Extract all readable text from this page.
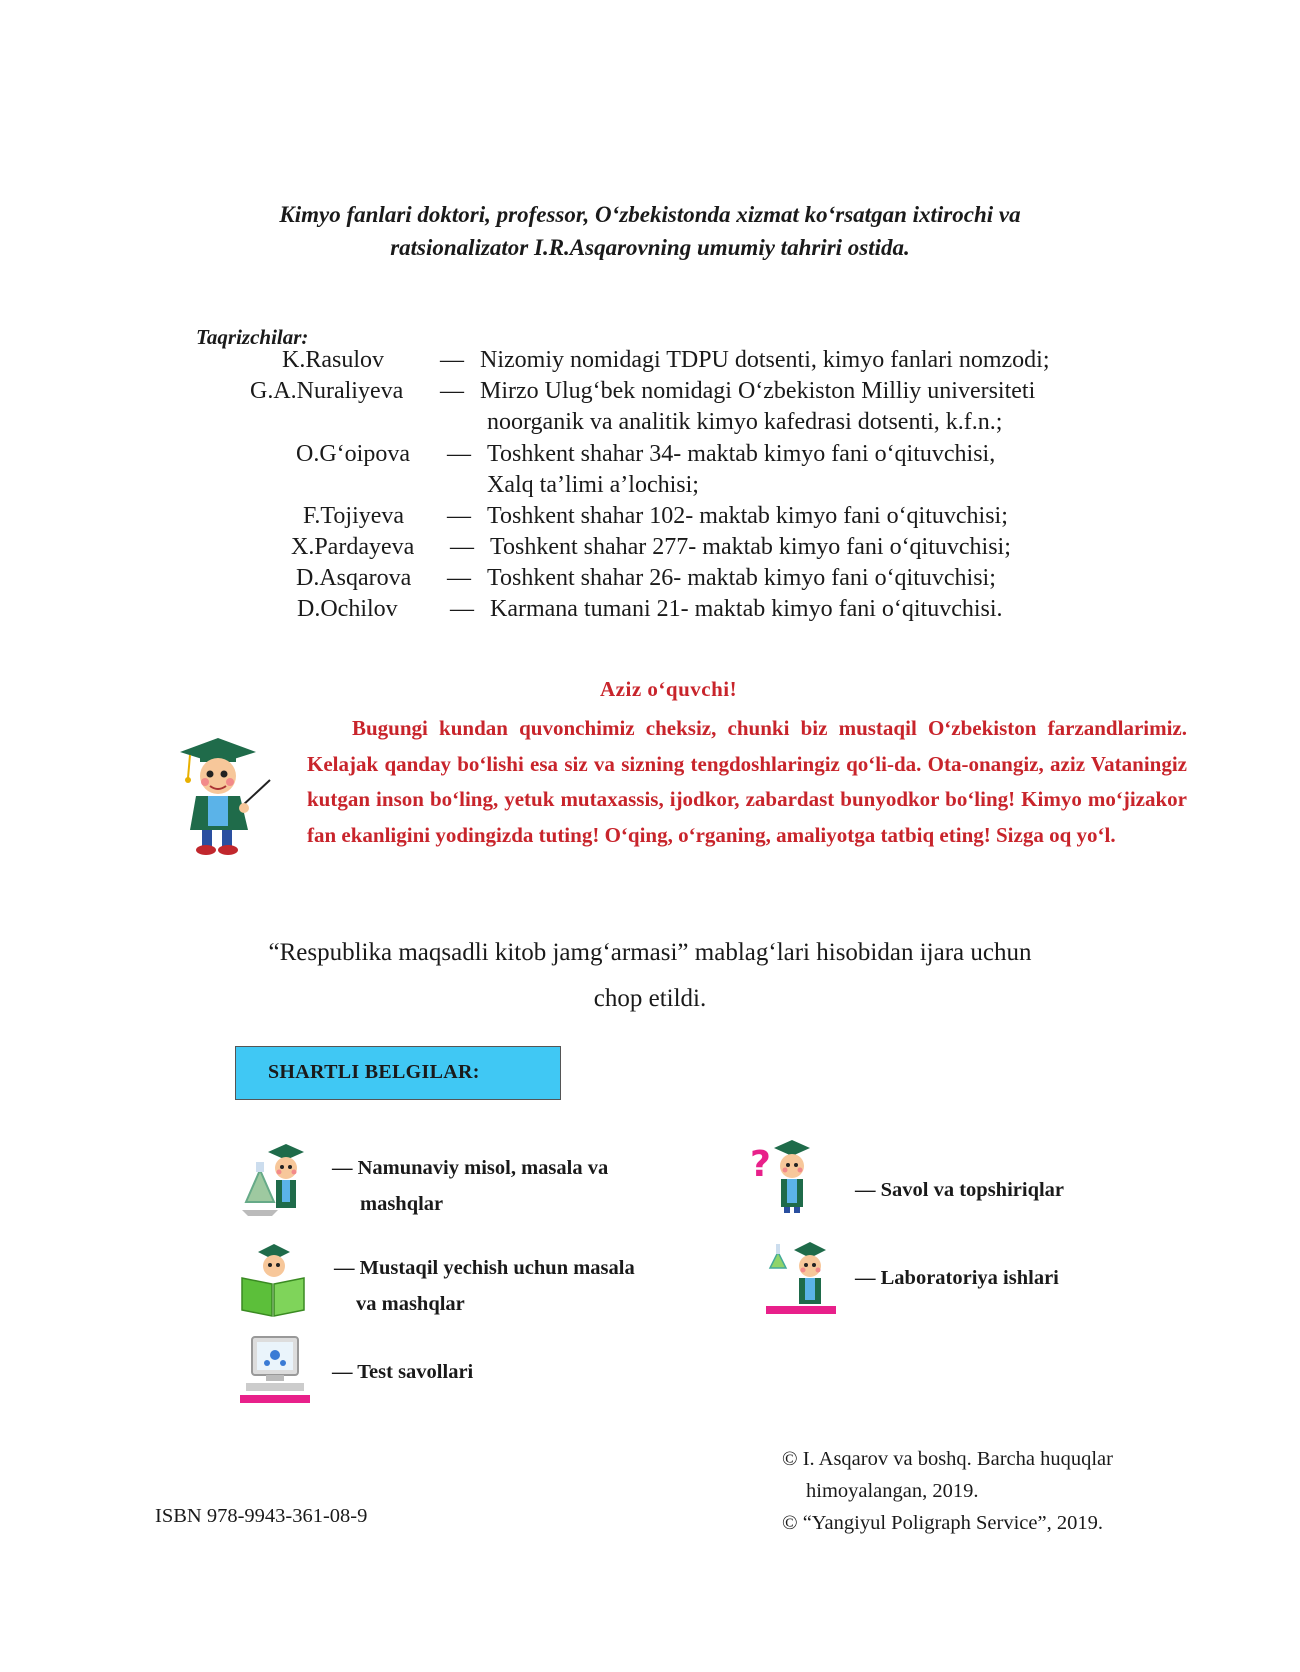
Kimyo fanlari doktori, professor, O‘zbekistonda xizmat ko‘rsatgan ixtirochi va
ratsionalizator I.R.Asqarovning umumiy tahriri ostida.
Taqrizchilar:
K.Rasulov — Nizomiy nomidagi TDPU dotsenti, kimyo fanlari nomzodi;
G.A.Nuraliyeva — Mirzo Ulug‘bek nomidagi O‘zbekiston Milliy universiteti
noorganik va analitik kimyo kafedrasi dotsenti, k.f.n.;
O.G‘oipova — Toshkent shahar 34- maktab kimyo fani o‘qituvchisi,
Xalq ta’limi a’lochisi;
F.Tojiyeva — Toshkent shahar 102- maktab kimyo fani o‘qituvchisi;
X.Pardayeva — Toshkent shahar 277- maktab kimyo fani o‘qituvchisi;
D.Asqarova — Toshkent shahar 26- maktab kimyo fani o‘qituvchisi;
D.Ochilov — Karmana tumani 21- maktab kimyo fani o‘qituvchisi.
Aziz o‘quvchi!
Bugungi kundan quvonchimiz cheksiz, chunki biz mustaqil O‘zbekiston farzandlarimiz. Kelajak qanday bo‘lishi esa siz va sizning tengdoshlaringiz qo‘li-da. Ota-onangiz, aziz Vataningiz kutgan inson bo‘ling, yetuk mutaxassis, ijodkor, zabardast bunyodkor bo‘ling! Kimyo mo‘jizakor fan ekanligini yodingizda tuting! O‘qing, o‘rganing, amaliyotga tatbiq eting! Sizga oq yo‘l.
“Respublika maqsadli kitob jamg‘armasi” mablag‘lari hisobidan ijara uchun
chop etildi.
SHARTLI BELGILAR:
— Namunaviy misol, masala va
mashqlar
?
— Savol va topshiriqlar
— Mustaqil yechish uchun masala
va mashqlar
— Laboratoriya ishlari
— Test savollari
© I. Asqarov va boshq. Barcha huquqlar
himoyalangan, 2019.
© “Yangiyul Poligraph Service”, 2019.
ISBN 978-9943-361-08-9
